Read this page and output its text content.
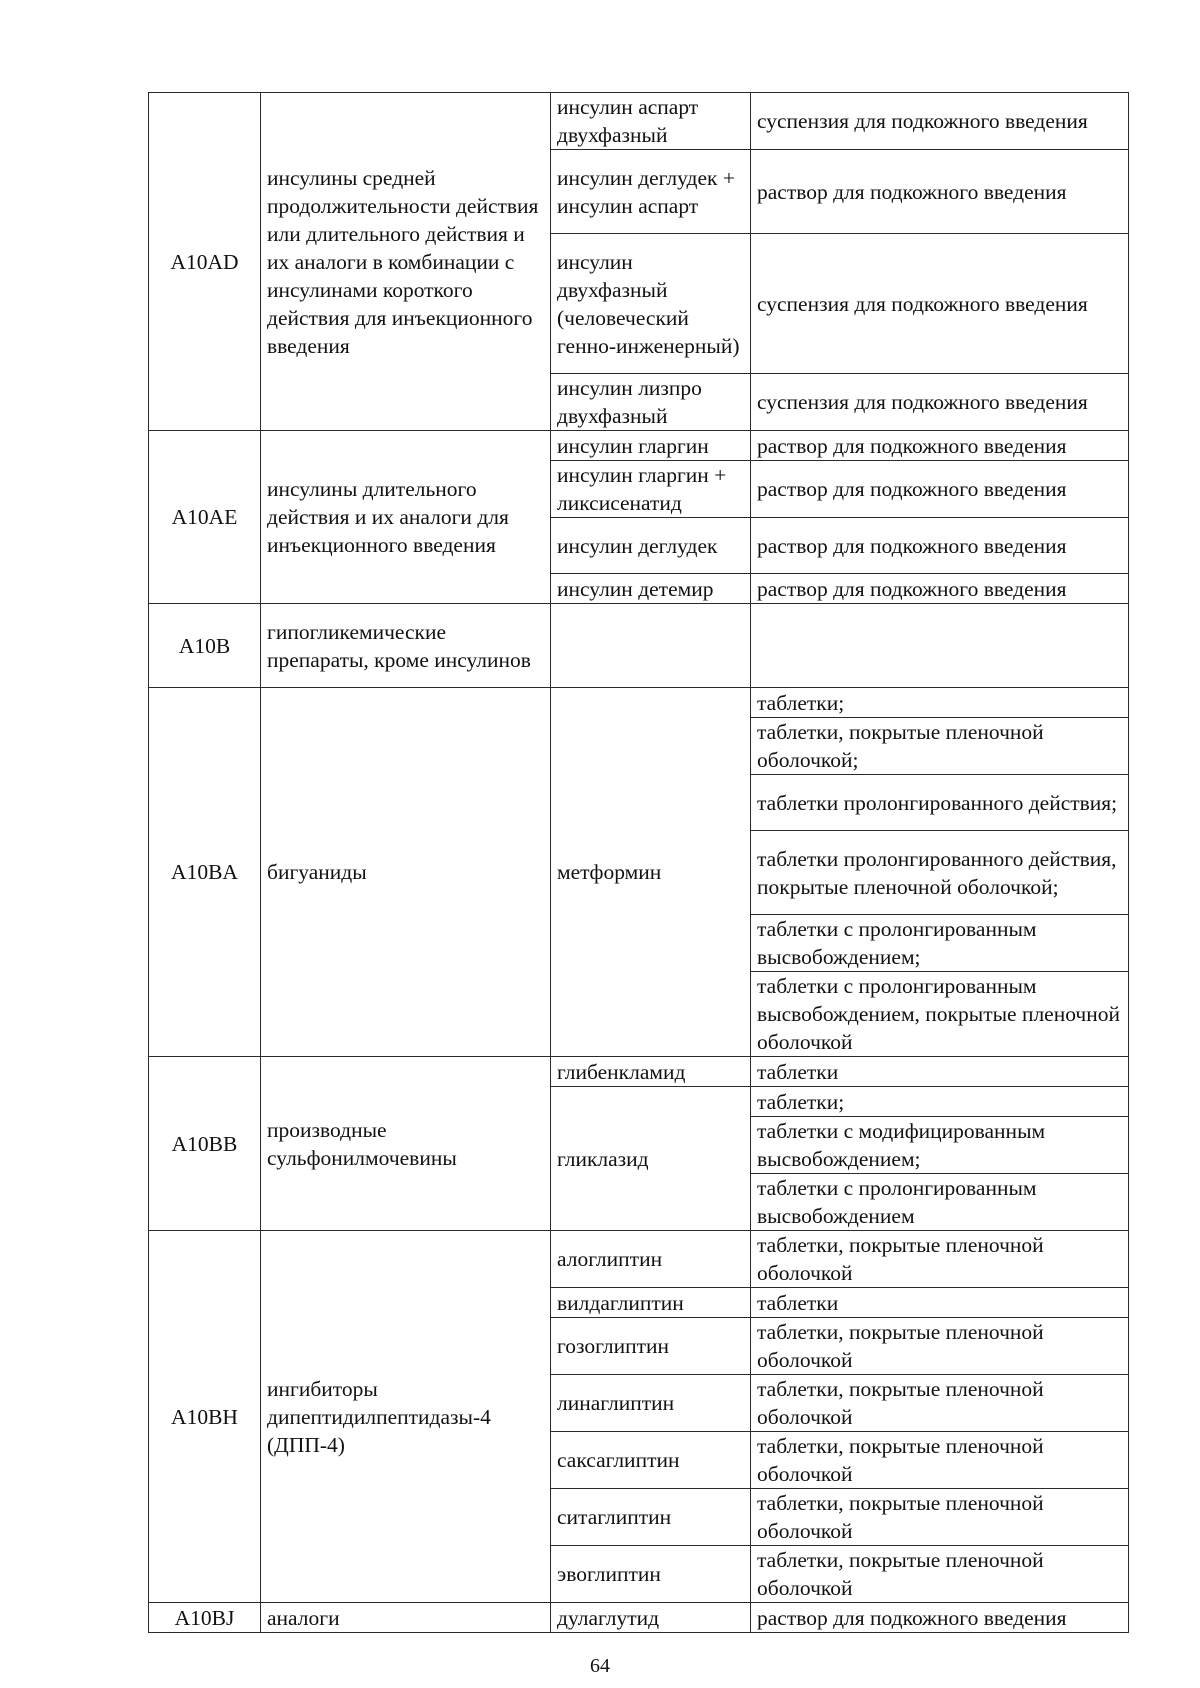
A10AD	инсулины средней продолжительности действия или длительного действия и их аналоги в комбинации с инсулинами короткого действия для инъекционного введения	инсулин аспарт двухфазный	суспензия для подкожного введения
		инсулин деглудек + инсулин аспарт	раствор для подкожного введения
		инсулин двухфазный (человеческий генно-инженерный)	суспензия для подкожного введения
		инсулин лизпро двухфазный	суспензия для подкожного введения

A10AE	инсулины длительного действия и их аналоги для инъекционного введения	инсулин гларгин	раствор для подкожного введения
		инсулин гларгин + ликсисенатид	раствор для подкожного введения
		инсулин деглудек	раствор для подкожного введения
		инсулин детемир	раствор для подкожного введения
A10B	гипогликемические препараты, кроме инсулинов		
A10BA	бигуаниды	метформин	таблетки;
			таблетки, покрытые пленочной оболочкой;
			таблетки пролонгированного действия;
			таблетки пролонгированного действия, покрытые пленочной оболочкой;
			таблетки с пролонгированным высвобождением;
			таблетки с пролонгированным высвобождением, покрытые пленочной оболочкой
A10BB	производные сульфонилмочевины	глибенкламид	таблетки
		гликлазид	таблетки;
			таблетки с модифицированным высвобождением;
			таблетки с пролонгированным высвобождением
A10BH	ингибиторы дипептидилпептидазы-4 (ДПП-4)	алоглиптин	таблетки, покрытые пленочной оболочкой
		вилдаглиптин	таблетки
		гозоглиптин	таблетки, покрытые пленочной оболочкой
		линаглиптин	таблетки, покрытые пленочной оболочкой
		саксаглиптин	таблетки, покрытые пленочной оболочкой
		ситаглиптин	таблетки, покрытые пленочной оболочкой
		эвоглиптин	таблетки, покрытые пленочной оболочкой
A10BJ	аналоги	дулаглутид	раствор для подкожного введения
64
